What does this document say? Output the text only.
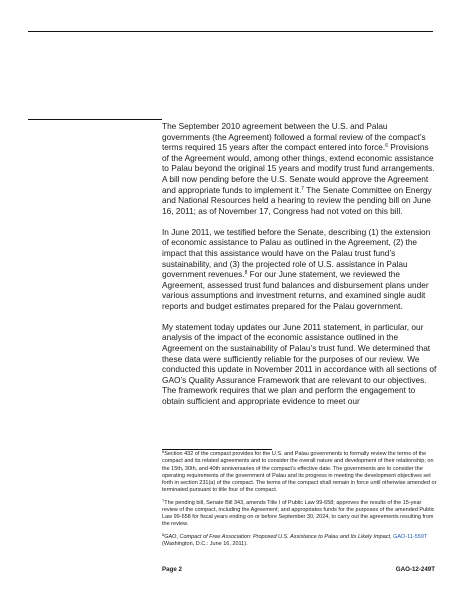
The September 2010 agreement between the U.S. and Palau governments (the Agreement) followed a formal review of the compact’s terms required 15 years after the compact entered into force.$^6$ Provisions of the Agreement would, among other things, extend economic assistance to Palau beyond the original 15 years and modify trust fund arrangements. A bill now pending before the U.S. Senate would approve the Agreement and appropriate funds to implement it.$^7$ The Senate Committee on Energy and National Resources held a hearing to review the pending bill on June 16, 2011; as of November 17, Congress had not voted on this bill.

In June 2011, we testified before the Senate, describing (1) the extension of economic assistance to Palau as outlined in the Agreement, (2) the impact that this assistance would have on the Palau trust fund’s sustainability, and (3) the projected role of U.S. assistance in Palau government revenues.$^8$ For our June statement, we reviewed the Agreement, assessed trust fund balances and disbursement plans under various assumptions and investment returns, and examined single audit reports and budget estimates prepared for the Palau government.

My statement today updates our June 2011 statement, in particular, our analysis of the impact of the economic assistance outlined in the Agreement on the sustainability of Palau’s trust fund. We determined that these data were sufficiently reliable for the purposes of our review. We conducted this update in November 2011 in accordance with all sections of GAO’s Quality Assurance Framework that are relevant to our objectives. The framework requires that we plan and perform the engagement to obtain sufficient and appropriate evidence to meet our

$^6$Section 432 of the compact provides for the U.S. and Palau governments to formally review the terms of the compact and its related agreements and to consider the overall nature and development of their relationship, on the 15th, 30th, and 40th anniversaries of the compact’s effective date. The governments are to consider the operating requirements of the government of Palau and its progress in meeting the development objectives set forth in section 231(a) of the compact. The terms of the compact shall remain in force until otherwise amended or terminated pursuant to title four of the compact.

$^7$The pending bill, Senate Bill 343, amends Title I of Public Law 99-658; approves the results of the 15-year review of the compact, including the Agreement; and appropriates funds for the purposes of the amended Public Law 99-658 for fiscal years ending on or before September 30, 2024, to carry out the agreements resulting from the review.

$^8$GAO, Compact of Free Association: Proposed U.S. Assistance to Palau and Its Likely Impact, GAO-11-559T (Washington, D.C.: June 16, 2011).

Page 2	GAO-12-249T
